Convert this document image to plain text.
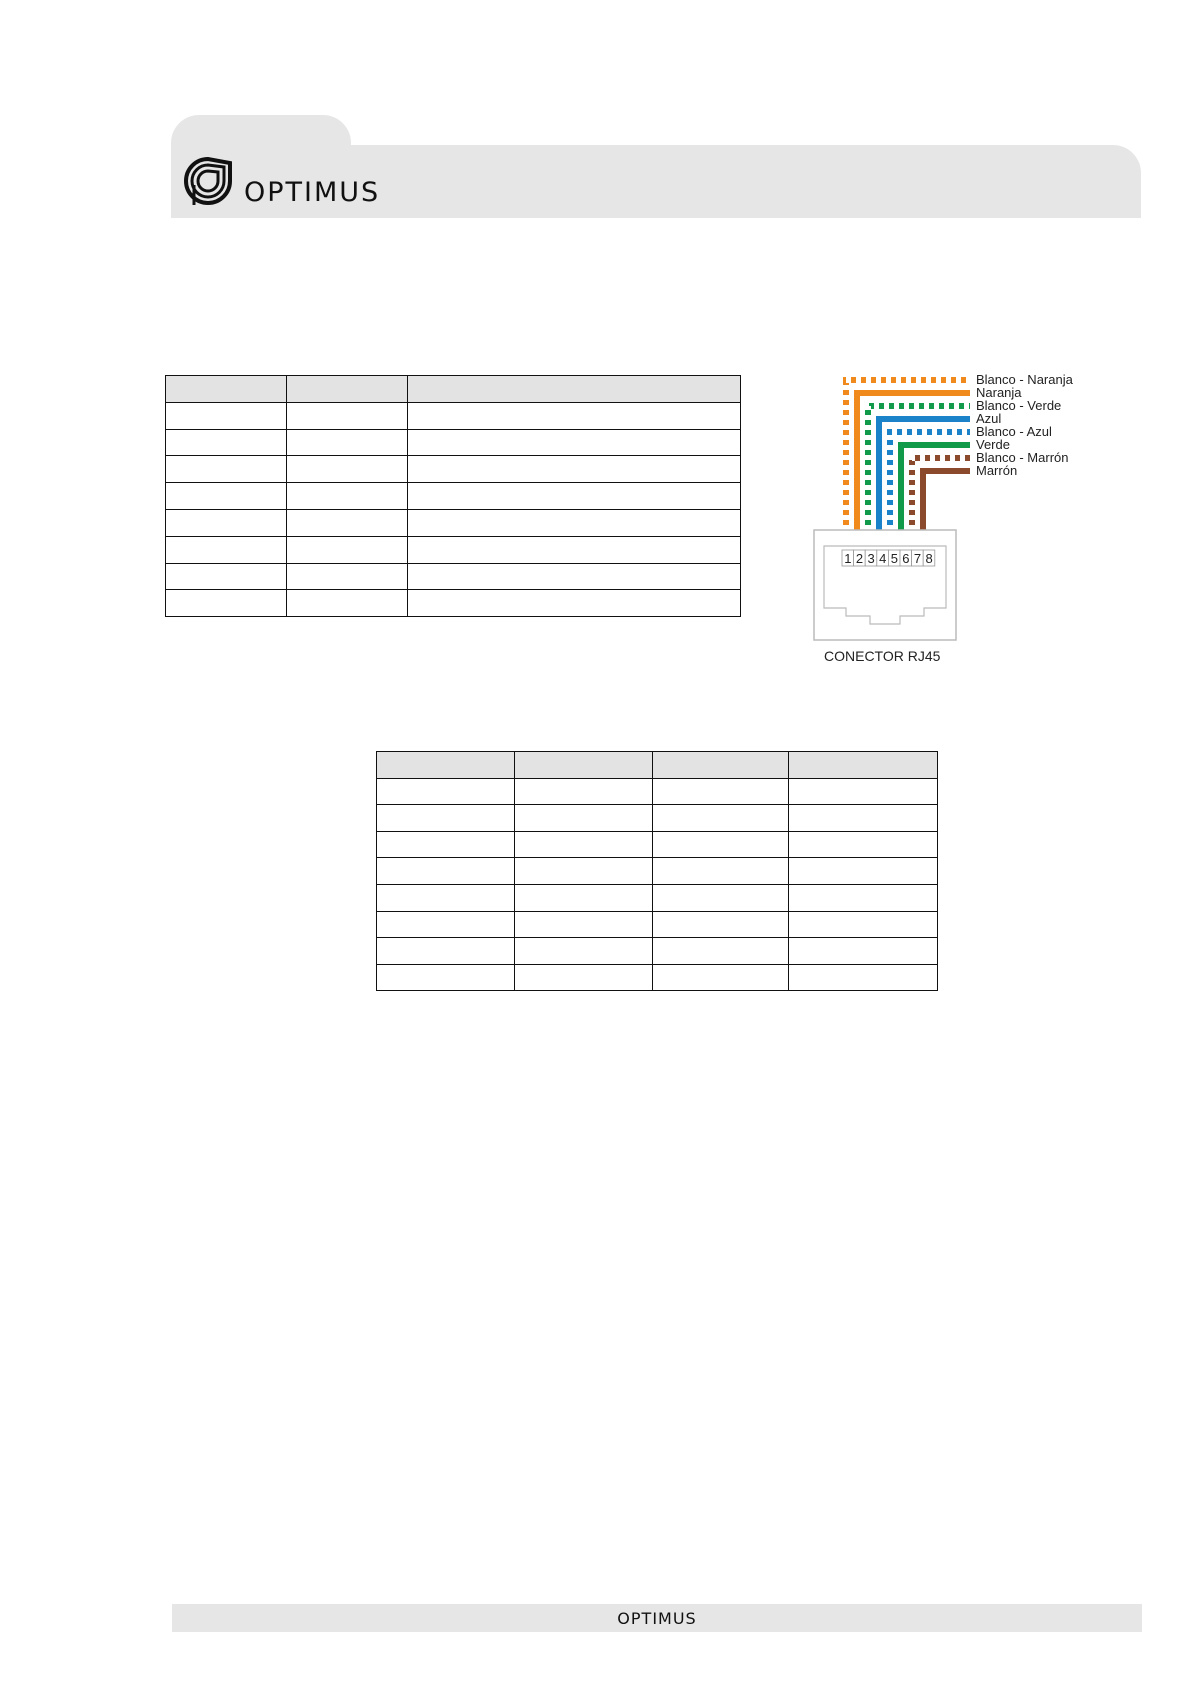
OPTIMUS

Blanco - Naranja
Naranja
Blanco - Verde
Azul
Blanco - Azul
Verde
Blanco - Marrón
Marrón
1 2 3 4 5 6 7 8
CONECTOR RJ45

OPTIMUS
